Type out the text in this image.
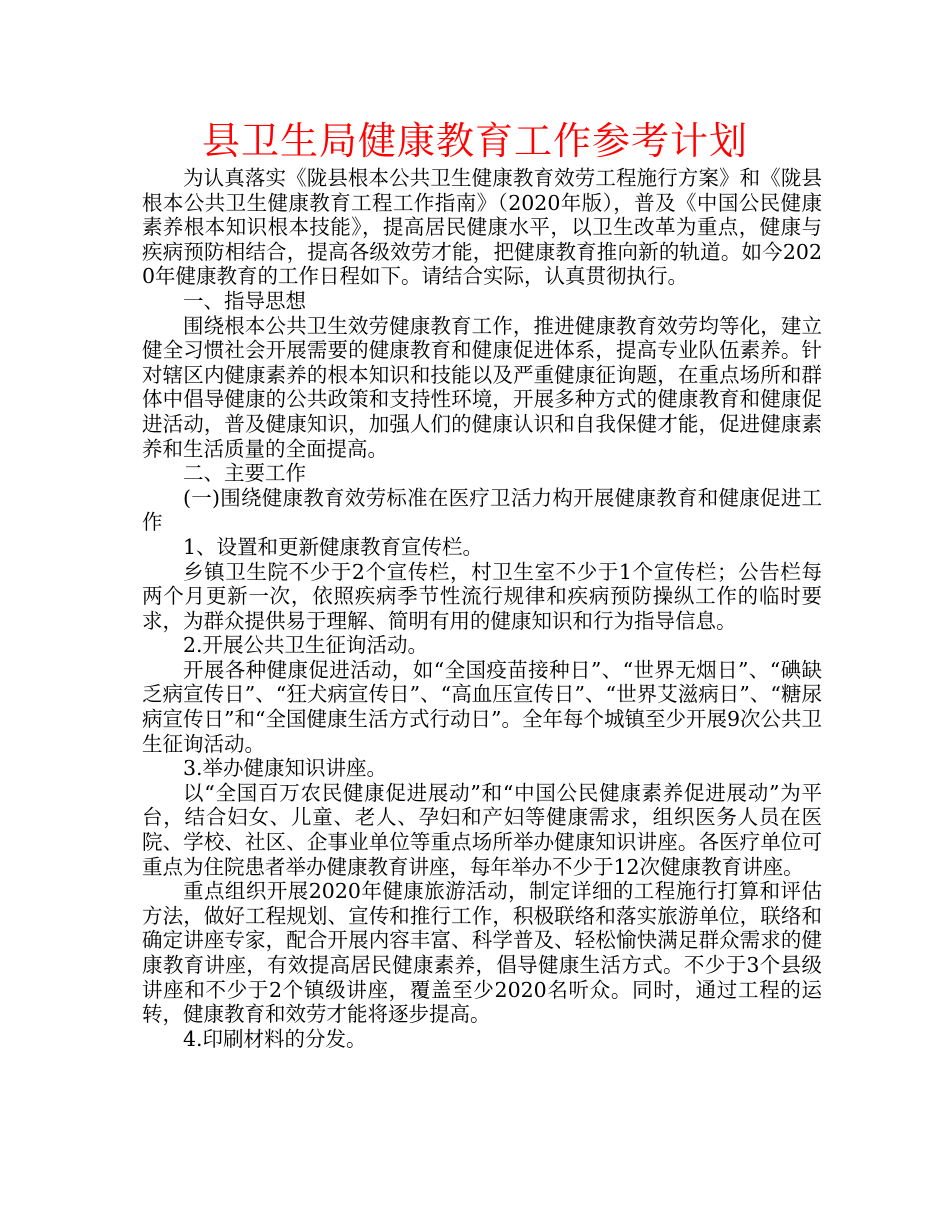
县卫生局健康教育工作参考计划

为认真落实《陇县根本公共卫生健康教育效劳工程施行方案》和《陇县根本公共卫生健康教育工程工作指南》（2020年版），普及《中国公民健康素养根本知识根本技能》，提高居民健康水平，以卫生改革为重点，健康与疾病预防相结合，提高各级效劳才能，把健康教育推向新的轨道。如今2020年健康教育的工作日程如下。请结合实际，认真贯彻执行。

一、指导思想

围绕根本公共卫生效劳健康教育工作，推进健康教育效劳均等化，建立健全习惯社会开展需要的健康教育和健康促进体系，提高专业队伍素养。针对辖区内健康素养的根本知识和技能以及严重健康征询题，在重点场所和群体中倡导健康的公共政策和支持性环境，开展多种方式的健康教育和健康促进活动，普及健康知识，加强人们的健康认识和自我保健才能，促进健康素养和生活质量的全面提高。

二、主要工作

(一)围绕健康教育效劳标准在医疗卫活力构开展健康教育和健康促进工作

1、设置和更新健康教育宣传栏。

乡镇卫生院不少于2个宣传栏，村卫生室不少于1个宣传栏；公告栏每两个月更新一次，依照疾病季节性流行规律和疾病预防操纵工作的临时要求，为群众提供易于理解、简明有用的健康知识和行为指导信息。

2.开展公共卫生征询活动。

开展各种健康促进活动，如“全国疫苗接种日”、“世界无烟日”、“碘缺乏病宣传日”、“狂犬病宣传日”、“高血压宣传日”、“世界艾滋病日”、“糖尿病宣传日”和“全国健康生活方式行动日”。全年每个城镇至少开展9次公共卫生征询活动。

3.举办健康知识讲座。

以“全国百万农民健康促进展动”和“中国公民健康素养促进展动”为平台，结合妇女、儿童、老人、孕妇和产妇等健康需求，组织医务人员在医院、学校、社区、企事业单位等重点场所举办健康知识讲座。各医疗单位可重点为住院患者举办健康教育讲座，每年举办不少于12次健康教育讲座。

重点组织开展2020年健康旅游活动，制定详细的工程施行打算和评估方法，做好工程规划、宣传和推行工作，积极联络和落实旅游单位，联络和确定讲座专家，配合开展内容丰富、科学普及、轻松愉快满足群众需求的健康教育讲座，有效提高居民健康素养，倡导健康生活方式。不少于3个县级讲座和不少于2个镇级讲座，覆盖至少2020名听众。同时，通过工程的运转，健康教育和效劳才能将逐步提高。

4.印刷材料的分发。
